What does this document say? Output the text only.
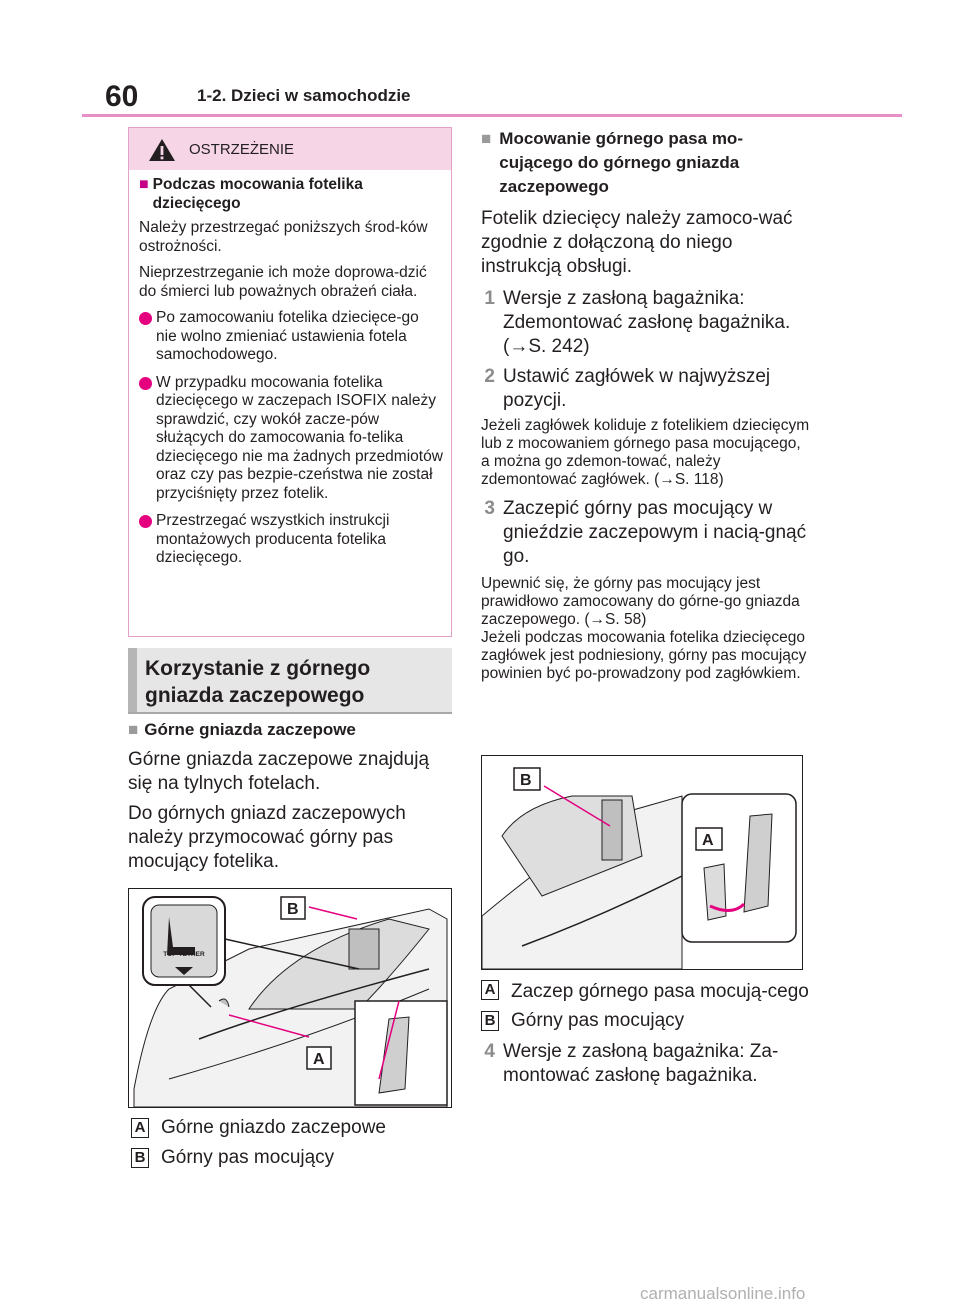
60	1-2. Dzieci w samochodzie
OSTRZEŻENIE
■ Podczas mocowania fotelika dziecięcego

Należy przestrzegać poniższych środ-ków ostrożności.

Nieprzestrzeganie ich może doprowa-dzić do śmierci lub poważnych obrażeń ciała.

Po zamocowaniu fotelika dziecięce-go nie wolno zmieniać ustawienia fotela samochodowego.
W przypadku mocowania fotelika dziecięcego w zaczepach ISOFIX należy sprawdzić, czy wokół zacze-pów służących do zamocowania fo-telika dziecięcego nie ma żadnych przedmiotów oraz czy pas bezpie-czeństwa nie został przyciśnięty przez fotelik.
Przestrzegać wszystkich instrukcji montażowych producenta fotelika dziecięcego.
Korzystanie z górnego gniazda zaczepowego
■ Górne gniazda zaczepowe

Górne gniazda zaczepowe znajdują się na tylnych fotelach.

Do górnych gniazd zaczepowych należy przymocować górny pas mocujący fotelika.

B
A
TOP-TETHER
A Górne gniazdo zaczepowe
B Górny pas mocujący
■ Mocowanie górnego pasa mo-cującego do górnego gniazda zaczepowego

Fotelik dziecięcy należy zamoco-wać zgodnie z dołączoną do niego instrukcją obsługi.

1 Wersje z zasłoną bagażnika: Zdemontować zasłonę bagażnika. (→S. 242)
2 Ustawić zagłówek w najwyższej pozycji.

Jeżeli zagłówek koliduje z fotelikiem dziecięcym lub z mocowaniem górnego pasa mocującego, a można go zdemon-tować, należy zdemontować zagłówek. (→S. 118)

3 Zaczepić górny pas mocujący w gnieździe zaczepowym i nacią-gnąć go.

Upewnić się, że górny pas mocujący jest prawidłowo zamocowany do górne-go gniazda zaczepowego. (→S. 58)

Jeżeli podczas mocowania fotelika dziecięcego zagłówek jest podniesiony, górny pas mocujący powinien być po-prowadzony pod zagłówkiem.

B
A
A Zaczep górnego pasa mocują-cego
B Górny pas mocujący
4 Wersje z zasłoną bagażnika: Za-montować zasłonę bagażnika.
carmanualsonline.info
